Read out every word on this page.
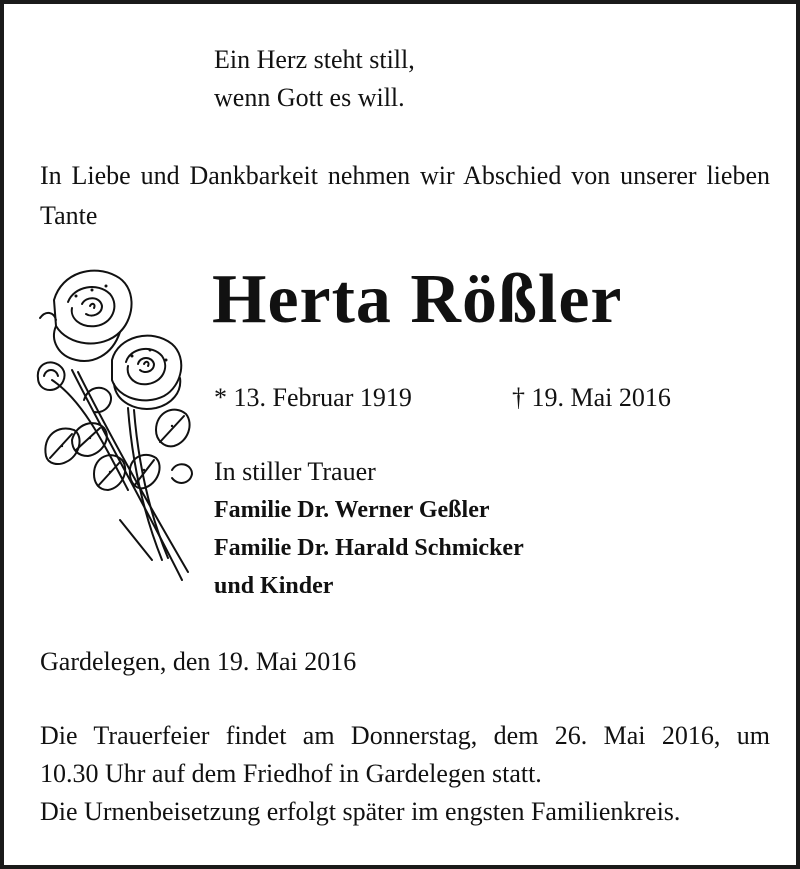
Ein Herz steht still,
wenn Gott es will.
In Liebe und Dankbarkeit nehmen wir Abschied von unserer lieben Tante
Herta Rößler
* 13. Februar 1919	† 19. Mai 2016
In stiller Trauer
Familie Dr. Werner Geßler
Familie Dr. Harald Schmicker
und Kinder
Gardelegen, den 19. Mai 2016
Die Trauerfeier findet am Donnerstag, dem 26. Mai 2016, um
10.30 Uhr auf dem Friedhof in Gardelegen statt.
Die Urnenbeisetzung erfolgt später im engsten Familienkreis.
